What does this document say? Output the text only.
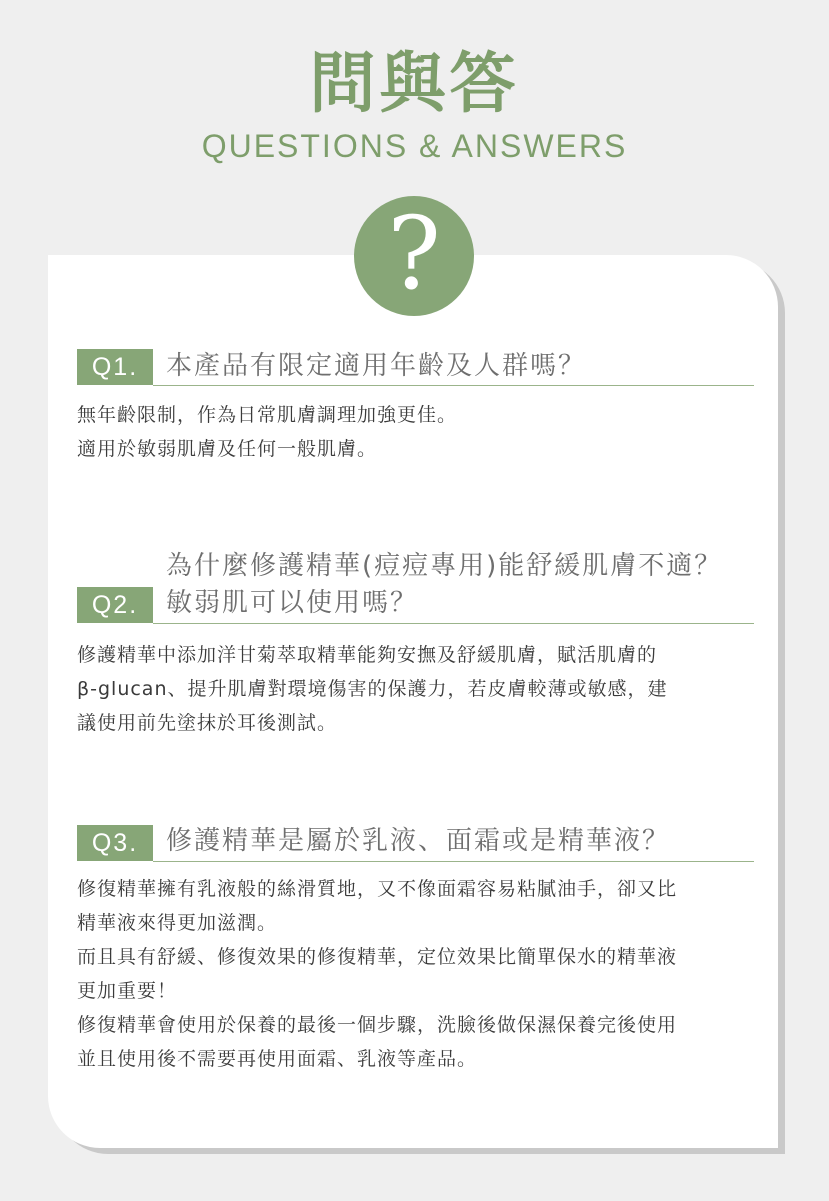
問與答
QUESTIONS & ANSWERS
?
Q1.	本產品有限定適用年齡及人群嗎？

無年齡限制，作為日常肌膚調理加強更佳。

適用於敏弱肌膚及任何一般肌膚。

為什麼修護精華(痘痘專用)能舒緩肌膚不適？
Q2.	敏弱肌可以使用嗎？

修護精華中添加洋甘菊萃取精華能夠安撫及舒緩肌膚，賦活肌膚的

β-glucan、提升肌膚對環境傷害的保護力，若皮膚較薄或敏感，建

議使用前先塗抹於耳後測試。

Q3.	修護精華是屬於乳液、面霜或是精華液？

修復精華擁有乳液般的絲滑質地，又不像面霜容易粘膩油手，卻又比

精華液來得更加滋潤。

而且具有舒緩、修復效果的修復精華，定位效果比簡單保水的精華液

更加重要！

修復精華會使用於保養的最後一個步驟，洗臉後做保濕保養完後使用

並且使用後不需要再使用面霜、乳液等產品。
